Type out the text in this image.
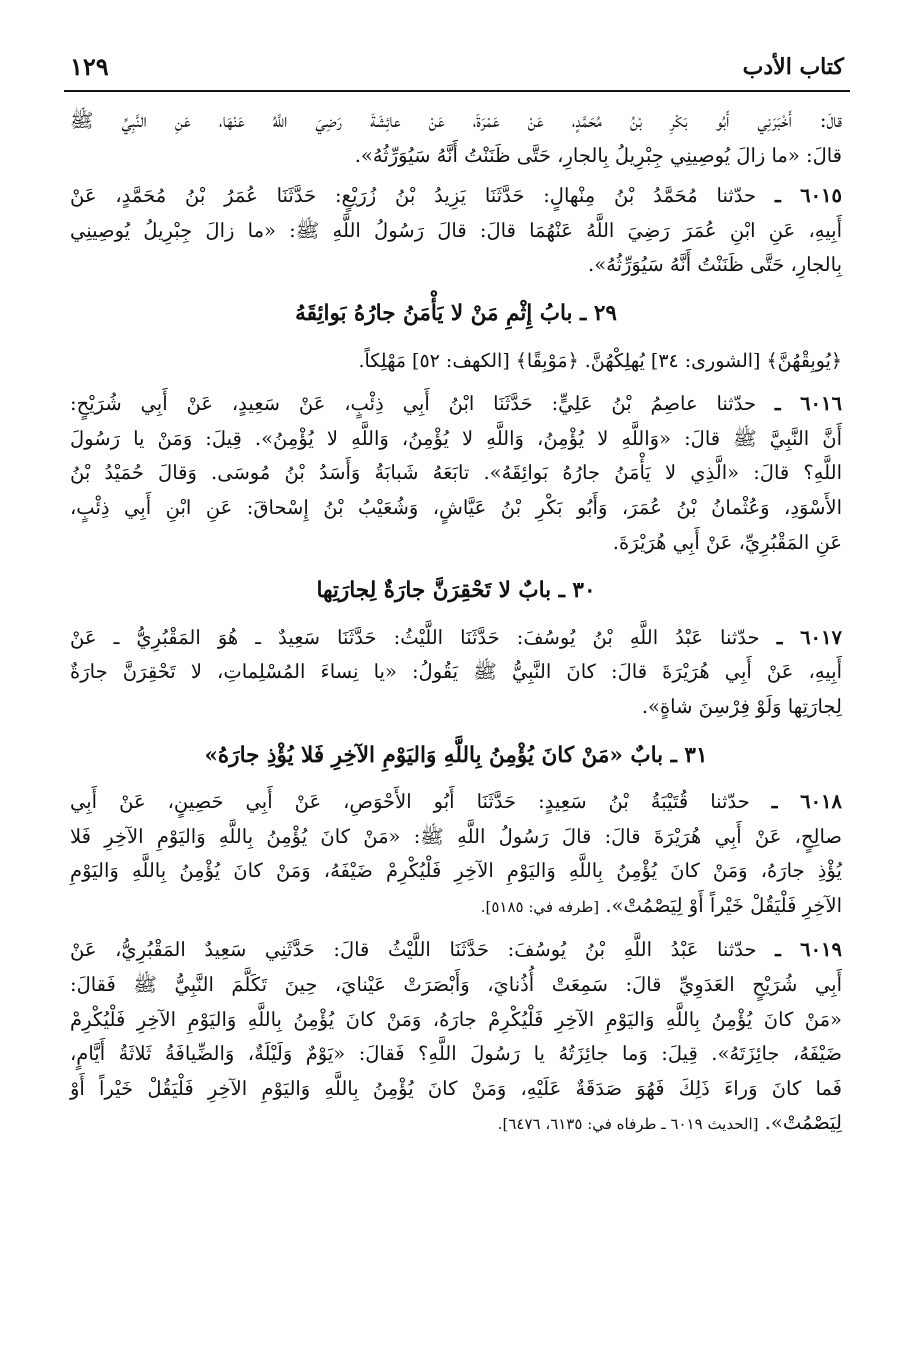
كتاب الأدب
١٢٩

قالَ: أَخْبَرَنِي أَبُو بَكْرِ بْنُ مُحَمَّدٍ، عَنْ عَمْرَةَ، عَنْ عائِشَةَ رَضِيَ اللَّهُ عَنْهَا، عَنِ النَّبِيِّ ﷺ
قالَ: «ما زالَ يُوصِينِي جِبْرِيلُ بِالجارِ، حَتَّى ظَنَنْتُ أَنَّهُ سَيُوَرِّثُهُ».

٦٠١٥ ـ حدّثنا مُحَمَّدُ بْنُ مِنْهالٍ: حَدَّثَنَا يَزِيدُ بْنُ زُرَيْعٍ: حَدَّثَنَا عُمَرُ بْنُ مُحَمَّدٍ، عَنْ
أَبِيهِ، عَنِ ابْنِ عُمَرَ رَضِيَ اللَّهُ عَنْهُمَا قالَ: قالَ رَسُولُ اللَّهِ ﷺ: «ما زالَ جِبْرِيلُ يُوصِينِي
بِالجارِ، حَتَّى ظَنَنْتُ أَنَّهُ سَيُوَرِّثُهُ».

٢٩ ـ بابُ إِثْمِ مَنْ لا يَأْمَنُ جارُهُ بَوائِقَهُ

﴿يُوبِقْهُنَّ﴾ [الشورى: ٣٤] يُهلِكْهُنَّ. ﴿مَوْبِقًا﴾ [الكهف: ٥٢] مَهْلِكاً.

٦٠١٦ ـ حدّثنا عاصِمُ بْنُ عَلِيٍّ: حَدَّثَنَا ابْنُ أَبِي ذِئْبٍ، عَنْ سَعِيدٍ، عَنْ أَبِي شُرَيْحٍ:
أَنَّ النَّبِيَّ ﷺ قالَ: «وَاللَّهِ لا يُؤْمِنُ، وَاللَّهِ لا يُؤْمِنُ، وَاللَّهِ لا يُؤْمِنُ». قِيلَ: وَمَنْ يا رَسُولَ
اللَّهِ؟ قالَ: «الَّذِي لا يَأْمَنُ جارُهُ بَوائِقَهُ». تابَعَهُ شَبابَةُ وَأَسَدُ بْنُ مُوسَى. وَقالَ حُمَيْدُ بْنُ
الأَسْوَدِ، وَعُثْمانُ بْنُ عُمَرَ، وَأَبُو بَكْرِ بْنُ عَيَّاشٍ، وَشُعَيْبُ بْنُ إِسْحاقَ: عَنِ ابْنِ أَبِي ذِئْبٍ،
عَنِ المَقْبُرِيِّ، عَنْ أَبِي هُرَيْرَةَ.

٣٠ ـ بابٌ لا تَحْقِرَنَّ جارَةٌ لِجارَتِها

٦٠١٧ ـ حدّثنا عَبْدُ اللَّهِ بْنُ يُوسُفَ: حَدَّثَنَا اللَّيْثُ: حَدَّثَنَا سَعِيدٌ ـ هُوَ المَقْبُرِيُّ ـ عَنْ
أَبِيهِ، عَنْ أَبِي هُرَيْرَةَ قالَ: كانَ النَّبِيُّ ﷺ يَقُولُ: «يا نِساءَ المُسْلِماتِ، لا تَحْقِرَنَّ جارَةٌ
لِجارَتِها وَلَوْ فِرْسِنَ شاةٍ».

٣١ ـ بابٌ «مَنْ كانَ يُؤْمِنُ بِاللَّهِ وَاليَوْمِ الآخِرِ فَلا يُؤْذِ جارَهُ»

٦٠١٨ ـ حدّثنا قُتَيْبَةُ بْنُ سَعِيدٍ: حَدَّثَنَا أَبُو الأَحْوَصِ، عَنْ أَبِي حَصِينٍ، عَنْ أَبِي
صالِحٍ، عَنْ أَبِي هُرَيْرَةَ قالَ: قالَ رَسُولُ اللَّهِ ﷺ: «مَنْ كانَ يُؤْمِنُ بِاللَّهِ وَاليَوْمِ الآخِرِ فَلا
يُؤْذِ جارَهُ، وَمَنْ كانَ يُؤْمِنُ بِاللَّهِ وَاليَوْمِ الآخِرِ فَلْيُكْرِمْ ضَيْفَهُ، وَمَنْ كانَ يُؤْمِنُ بِاللَّهِ وَاليَوْمِ
الآخِرِ فَلْيَقُلْ خَيْراً أَوْ لِيَصْمُتْ». [طرفه في: ٥١٨٥].

٦٠١٩ ـ حدّثنا عَبْدُ اللَّهِ بْنُ يُوسُفَ: حَدَّثَنَا اللَّيْثُ قالَ: حَدَّثَنِي سَعِيدٌ المَقْبُرِيُّ، عَنْ
أَبِي شُرَيْحٍ العَدَوِيِّ قالَ: سَمِعَتْ أُذُنايَ، وَأَبْصَرَتْ عَيْنايَ، حِينَ تَكَلَّمَ النَّبِيُّ ﷺ فَقالَ:
«مَنْ كانَ يُؤْمِنُ بِاللَّهِ وَاليَوْمِ الآخِرِ فَلْيُكْرِمْ جارَهُ، وَمَنْ كانَ يُؤْمِنُ بِاللَّهِ وَاليَوْمِ الآخِرِ فَلْيُكْرِمْ
ضَيْفَهُ، جائِزَتَهُ». قِيلَ: وَما جائِزَتُهُ يا رَسُولَ اللَّهِ؟ فَقالَ: «يَوْمٌ وَلَيْلَةٌ، وَالضِّيافَةُ ثَلاثَةُ أَيَّامٍ،
فَما كانَ وَراءَ ذَلِكَ فَهُوَ صَدَقَةٌ عَلَيْهِ، وَمَنْ كانَ يُؤْمِنُ بِاللَّهِ وَاليَوْمِ الآخِرِ فَلْيَقُلْ خَيْراً أَوْ
لِيَصْمُتْ». [الحديث ٦٠١٩ ـ طرفاه في: ٦١٣٥، ٦٤٧٦].
